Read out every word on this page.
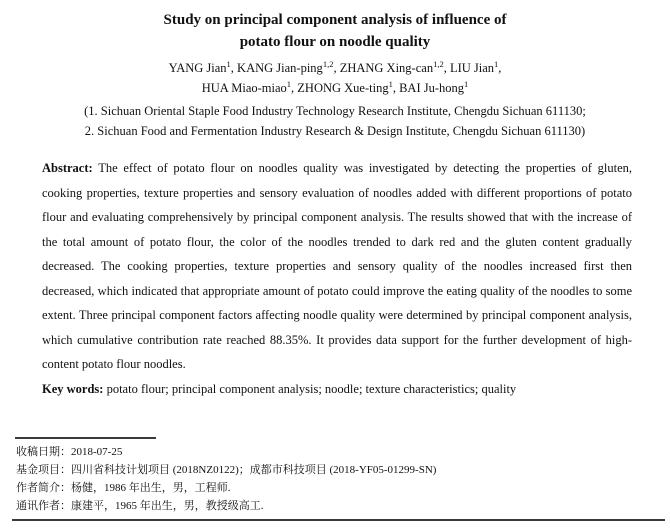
Study on principal component analysis of influence of
potato flour on noodle quality
YANG Jian$^1$, KANG Jian-ping$^{1,2}$, ZHANG Xing-can$^{1,2}$, LIU Jian$^1$,
HUA Miao-miao$^1$, ZHONG Xue-ting$^1$, BAI Ju-hong$^1$
(1. Sichuan Oriental Staple Food Industry Technology Research Institute, Chengdu Sichuan 611130;
2. Sichuan Food and Fermentation Industry Research & Design Institute, Chengdu Sichuan 611130)

Abstract: The effect of potato flour on noodles quality was investigated by detecting the properties of gluten, cooking properties, texture properties and sensory evaluation of noodles added with different proportions of potato flour and evaluating comprehensively by principal component analysis. The results showed that with the increase of the total amount of potato flour, the color of the noodles trended to dark red and the gluten content gradually decreased. The cooking properties, texture properties and sensory quality of the noodles increased first then decreased, which indicated that appropriate amount of potato could improve the eating quality of the noodles to some extent. Three principal component factors affecting noodle quality were determined by principal component analysis, which cumulative contribution rate reached 88.35%. It provides data support for the further development of high-content potato flour noodles.

Key words: potato flour; principal component analysis; noodle; texture characteristics; quality

收稿日期：2018-07-25
基金项目：四川省科技计划项目 (2018NZ0122)；成都市科技项目 (2018-YF05-01299-SN)
作者简介：杨健，1986 年出生，男，工程师.
通讯作者：康建平，1965 年出生，男，教授级高工.
